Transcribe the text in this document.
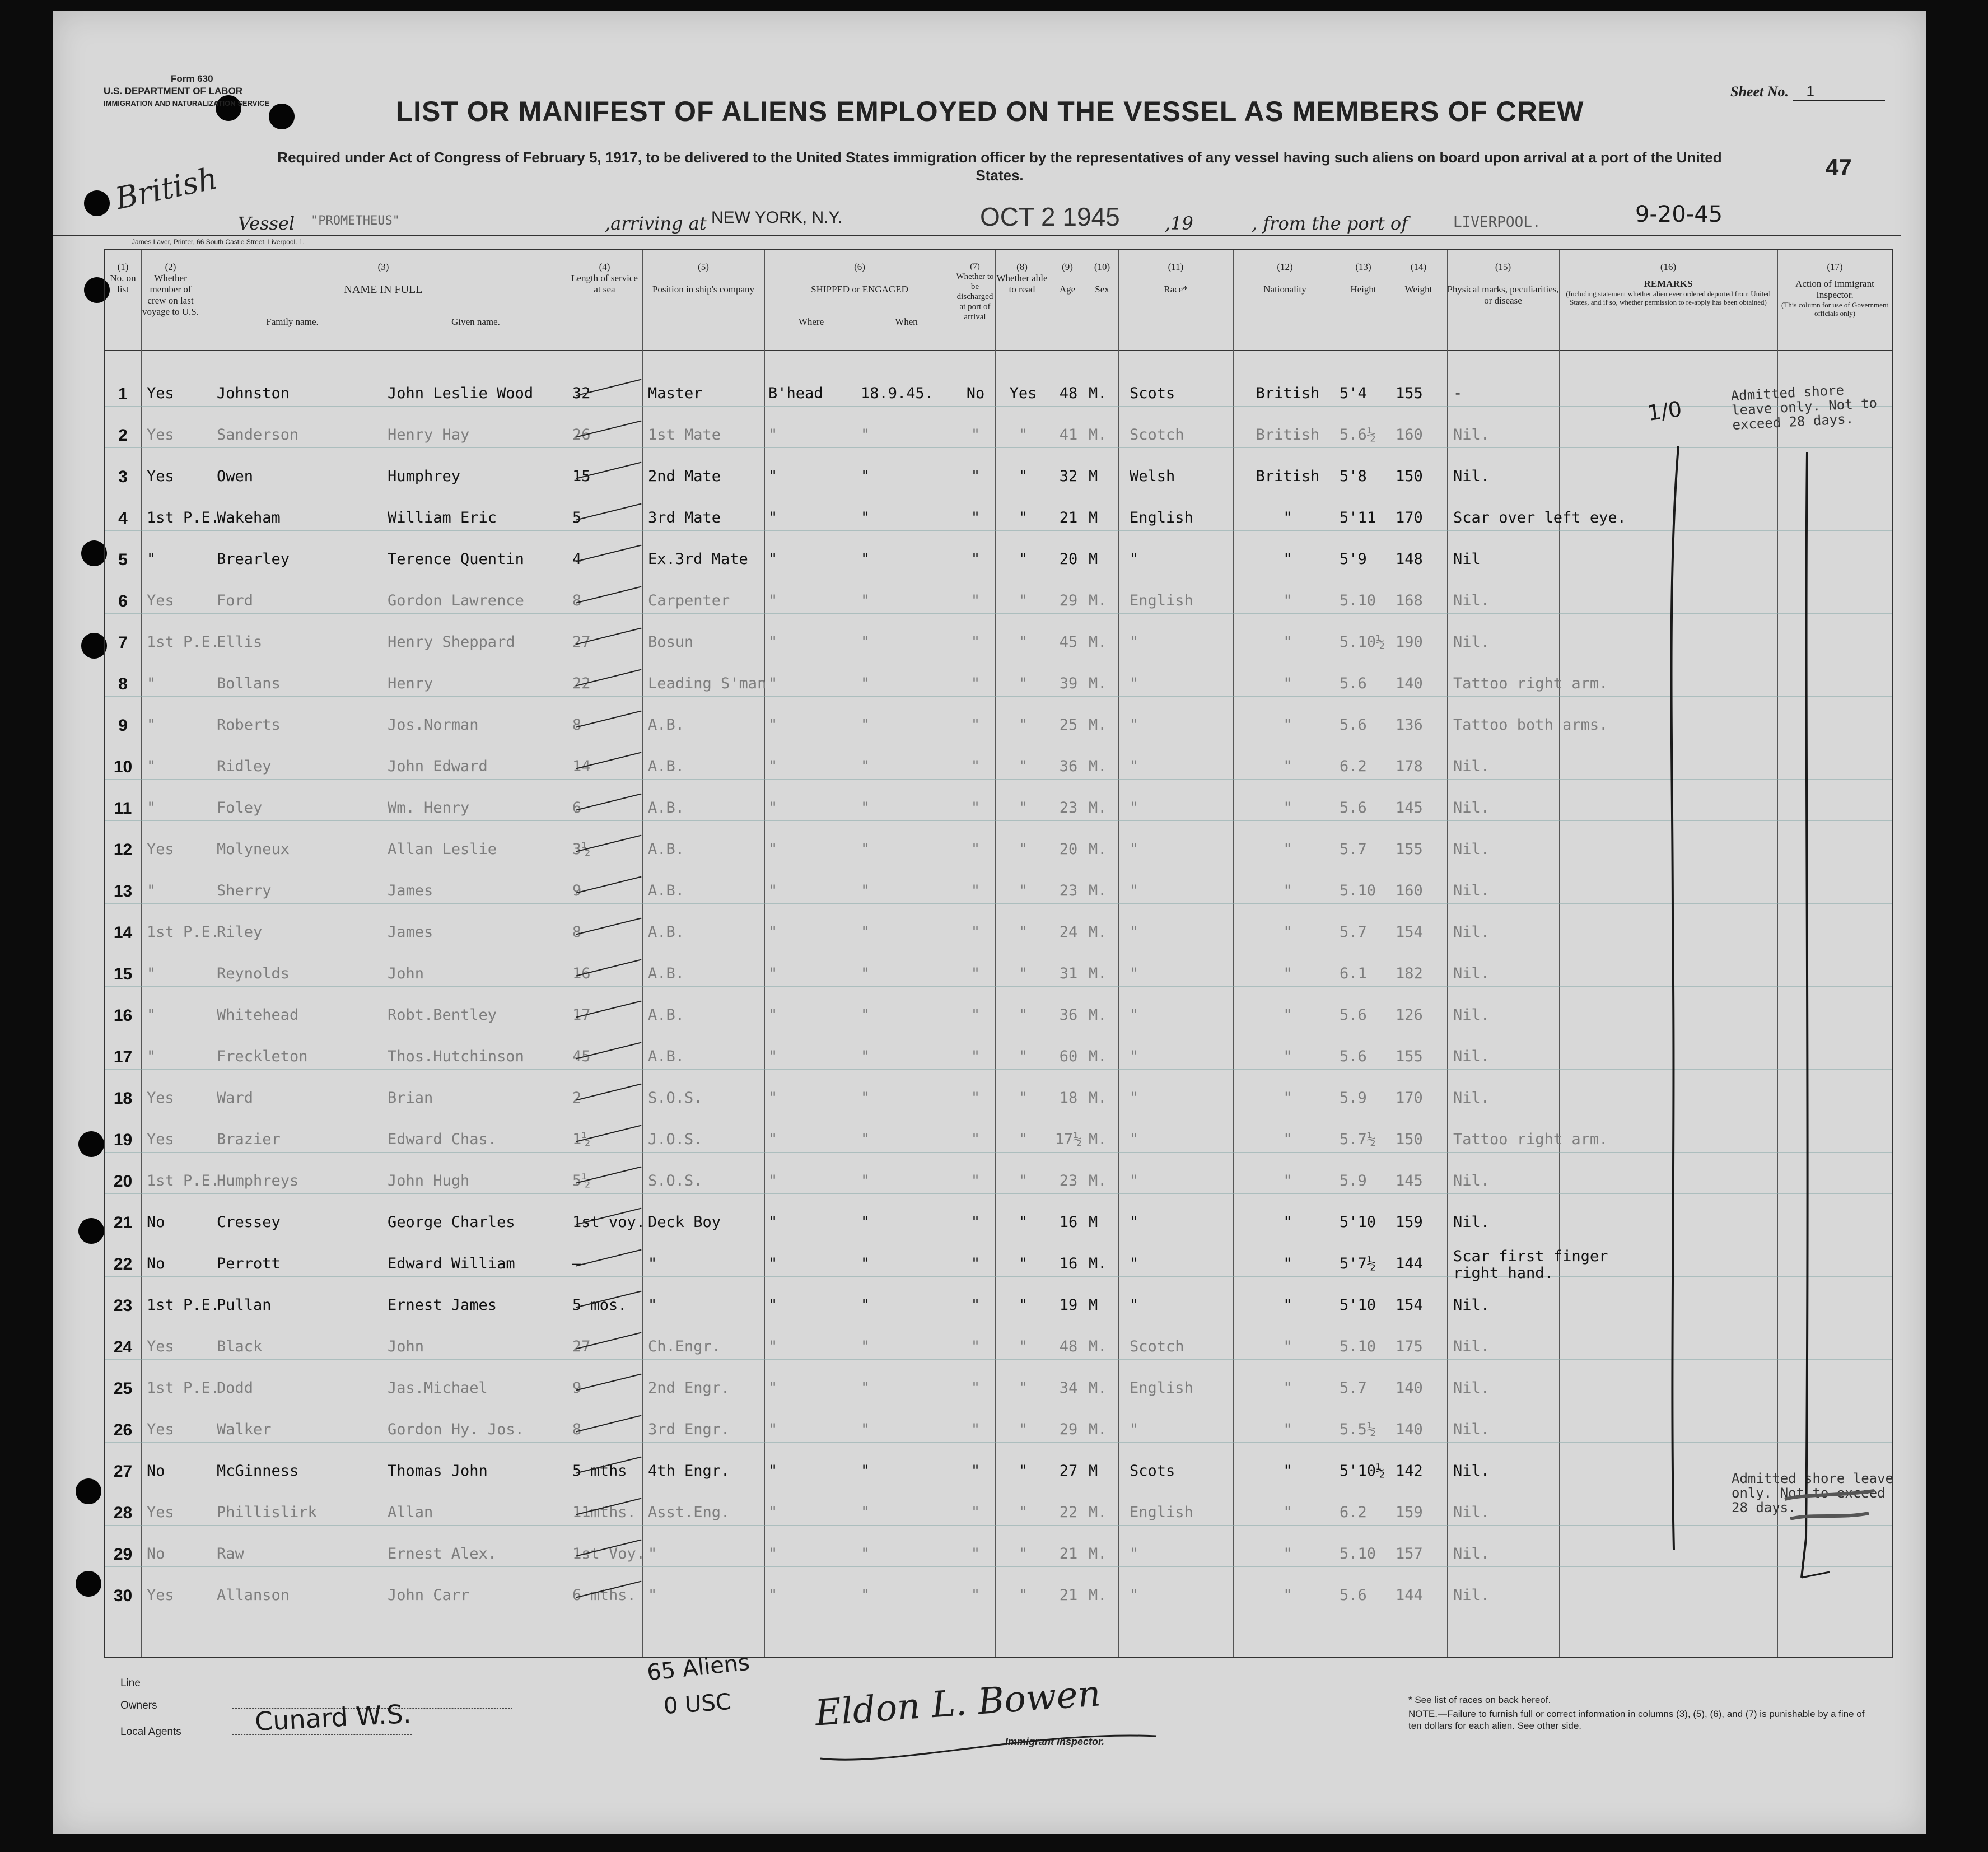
Form 630
U.S. DEPARTMENT OF LABOR
IMMIGRATION AND NATURALIZATION SERVICE
Sheet No. 1
LIST OR MANIFEST OF ALIENS EMPLOYED ON THE VESSEL AS MEMBERS OF CREW
Required under Act of Congress of February 5, 1917, to be delivered to the United States immigration officer by the representatives of any vessel having such aliens on board upon arrival at a port of the United States.	47
British
Vessel "PROMETHEUS"	,arriving at NEW YORK, N.Y.	OCT 2 1945	,19	, from the port of	LIVERPOOL.	9-20-45
James Laver, Printer, 66 South Castle Street, Liverpool. 1.
(1)
No. on list
(2)
Whether member of crew on last voyage to U.S.
(3)
NAME IN FULL
Family name.	Given name.
(4)
Length of service at sea
(5)
Position in ship's company
(6)
SHIPPED or ENGAGED
Where	When
(7)
Whether to be discharged at port of arrival
(8)
Whether able to read
(9)
Age
(10)
Sex
(11)
Race*
(12)
Nationality
(13)
Height
(14)
Weight
(15)
Physical marks, peculiarities, or disease
(16)
REMARKS
(Including statement whether alien ever ordered deported from United States, and if so, whether permission to re-apply has been obtained)
(17)
Action of Immigrant Inspector.
(This column for use of Government officials only)
1	Yes	Johnston	John Leslie Wood	32	Master	B'head	18.9.45.	No	Yes	48 M.	Scots	British	5'4	155	-
2	Yes	Sanderson	Henry Hay	26	1st Mate	"	"	"	"	41 M.	Scotch	British	5.6½	160	Nil.
3	Yes	Owen	Humphrey	15	2nd Mate	"	"	"	"	32 M	Welsh	British	5'8	150	Nil.
4	1st P.E.
Wakeham	William Eric	5	3rd Mate	"	"	"	"	21 M	English	"	5'11	170	Scar over left eye.
5	"	Brearley	Terence Quentin	4	Ex.3rd Mate	"	"	"	"	20 M	"	"	5'9	148	Nil
6	Yes	Ford	Gordon Lawrence	8	Carpenter	"	"	"	"	29 M.	English	"	5.10	168	Nil.
7	1st P.E.
Ellis	Henry Sheppard	27	Bosun	"	"	"	"	45 M.	"	"	5.10½ 190	Nil.
8	"	Bollans	Henry	22	Leading S'man "	"	"	"	39 M.	"	"	5.6	140	Tattoo right arm.
9	"	Roberts	Jos.Norman	8	A.B.	"	"	"	"	25 M.	"	"	5.6	136	Tattoo both arms.
10 "	Ridley	John Edward	14	A.B.	"	"	"	"	36 M.	"	"	6.2	178	Nil.
11 "	Foley	Wm. Henry	6	A.B.	"	"	"	"	23 M.	"	"	5.6	145	Nil.
12 Yes	Molyneux	Allan Leslie	3½	A.B.	"	"	"	"	20 M.	"	"	5.7	155	Nil.
13 "	Sherry	James	9	A.B.	"	"	"	"	23 M.	"	"	5.10	160	Nil.
14 1st P.E.
Riley	James	8	A.B.	"	"	"	"	24 M.	"	"	5.7	154	Nil.
15 "	Reynolds	John	16	A.B.	"	"	"	"	31 M.	"	"	6.1	182	Nil.
16 "	Whitehead	Robt.Bentley	17	A.B.	"	"	"	"	36 M.	"	"	5.6	126	Nil.
17 "	Freckleton	Thos.Hutchinson	45	A.B.	"	"	"	"	60 M.	"	"	5.6	155	Nil.
18 Yes	Ward	Brian	2	S.O.S.	"	"	"	"	18 M.	"	"	5.9	170	Nil.
19 Yes	Brazier	Edward Chas.	1½	J.O.S.	"	"	"	"	17½ M.	"	"	5.7½	150	Tattoo right arm.
20 1st P.E.
Humphreys	John Hugh	5½	S.O.S.	"	"	"	"	23 M.	"	"	5.9	145	Nil.
21 No	Cressey	George Charles	1st voy. Deck Boy	"	"	"	"	16 M	"	"	5'10	159	Nil.
22 No	Perrott	Edward William	—	"	"	"	"	"	16 M.	"	"	5'7½	144	Scar first finger right hand.
23 1st P.E.
Pullan	Ernest James	5 mos.	"	"	"	"	"	19 M	"	"	5'10	154	Nil.
24 Yes	Black	John	27	Ch.Engr.	"	"	"	"	48 M.	Scotch	"	5.10	175	Nil.
25 1st P.E.
Dodd	Jas.Michael	9	2nd Engr.	"	"	"	"	34 M.	English	"	5.7	140	Nil.
26 Yes	Walker	Gordon Hy. Jos.	8	3rd Engr.	"	"	"	"	29 M.	"	"	5.5½	140	Nil.
27 No	McGinness	Thomas John	5 mths	4th Engr.	"	"	"	"	27 M	Scots	"	5'10½ 142	Nil.
28 Yes	Phillislirk	Allan	11mths. Asst.Eng.	"	"	"	"	22 M.	English	"	6.2	159	Nil.
29 No	Raw	Ernest Alex.	1st Voy. "	"	"	"	"	21 M.	"	"	5.10	157	Nil.
30 Yes	Allanson	John Carr	6 mths. "	"	"	"	"	21 M.	"	"	5.6	144	Nil.
1/0
Admitted shore leave only. Not to exceed 28 days.
Admitted shore leave only. Not to exceed 28 days.
Line
Owners
Local Agents	Cunard W.S.
65 Aliens
0 USC Eldon L. Bowen
Immigrant Inspector.
* See list of races on back hereof.
NOTE.—Failure to furnish full or correct information in columns (3), (5), (6), and (7) is punishable by a fine of ten dollars for each alien. See other side.
